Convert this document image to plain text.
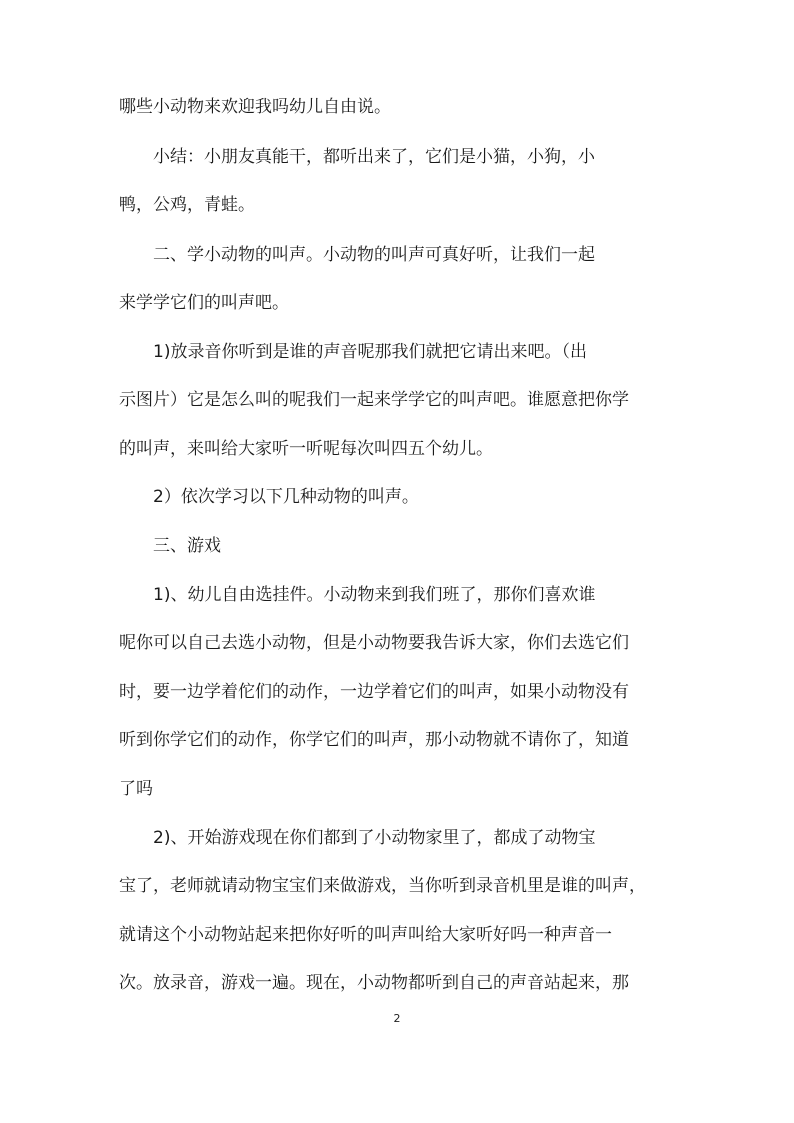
哪些小动物来欢迎我吗幼儿自由说。
　　小结：小朋友真能干，都听出来了，它们是小猫，小狗，小
鸭，公鸡，青蛙。
　　二、学小动物的叫声。小动物的叫声可真好听，让我们一起
来学学它们的叫声吧。
　　1)放录音你听到是谁的声音呢那我们就把它请出来吧。（出
示图片）它是怎么叫的呢我们一起来学学它的叫声吧。谁愿意把你学
的叫声，来叫给大家听一听呢每次叫四五个幼儿。
　　2）依次学习以下几种动物的叫声。
　　三、游戏
　　1)、幼儿自由选挂件。小动物来到我们班了，那你们喜欢谁
呢你可以自己去选小动物，但是小动物要我告诉大家，你们去选它们
时，要一边学着佗们的动作，一边学着它们的叫声，如果小动物没有
听到你学它们的动作，你学它们的叫声，那小动物就不请你了，知道
了吗
　　2)、开始游戏现在你们都到了小动物家里了，都成了动物宝
宝了，老师就请动物宝宝们来做游戏，当你听到录音机里是谁的叫声，
就请这个小动物站起来把你好听的叫声叫给大家听好吗一种声音一
次。放录音，游戏一遍。现在，小动物都听到自己的声音站起来，那
2
